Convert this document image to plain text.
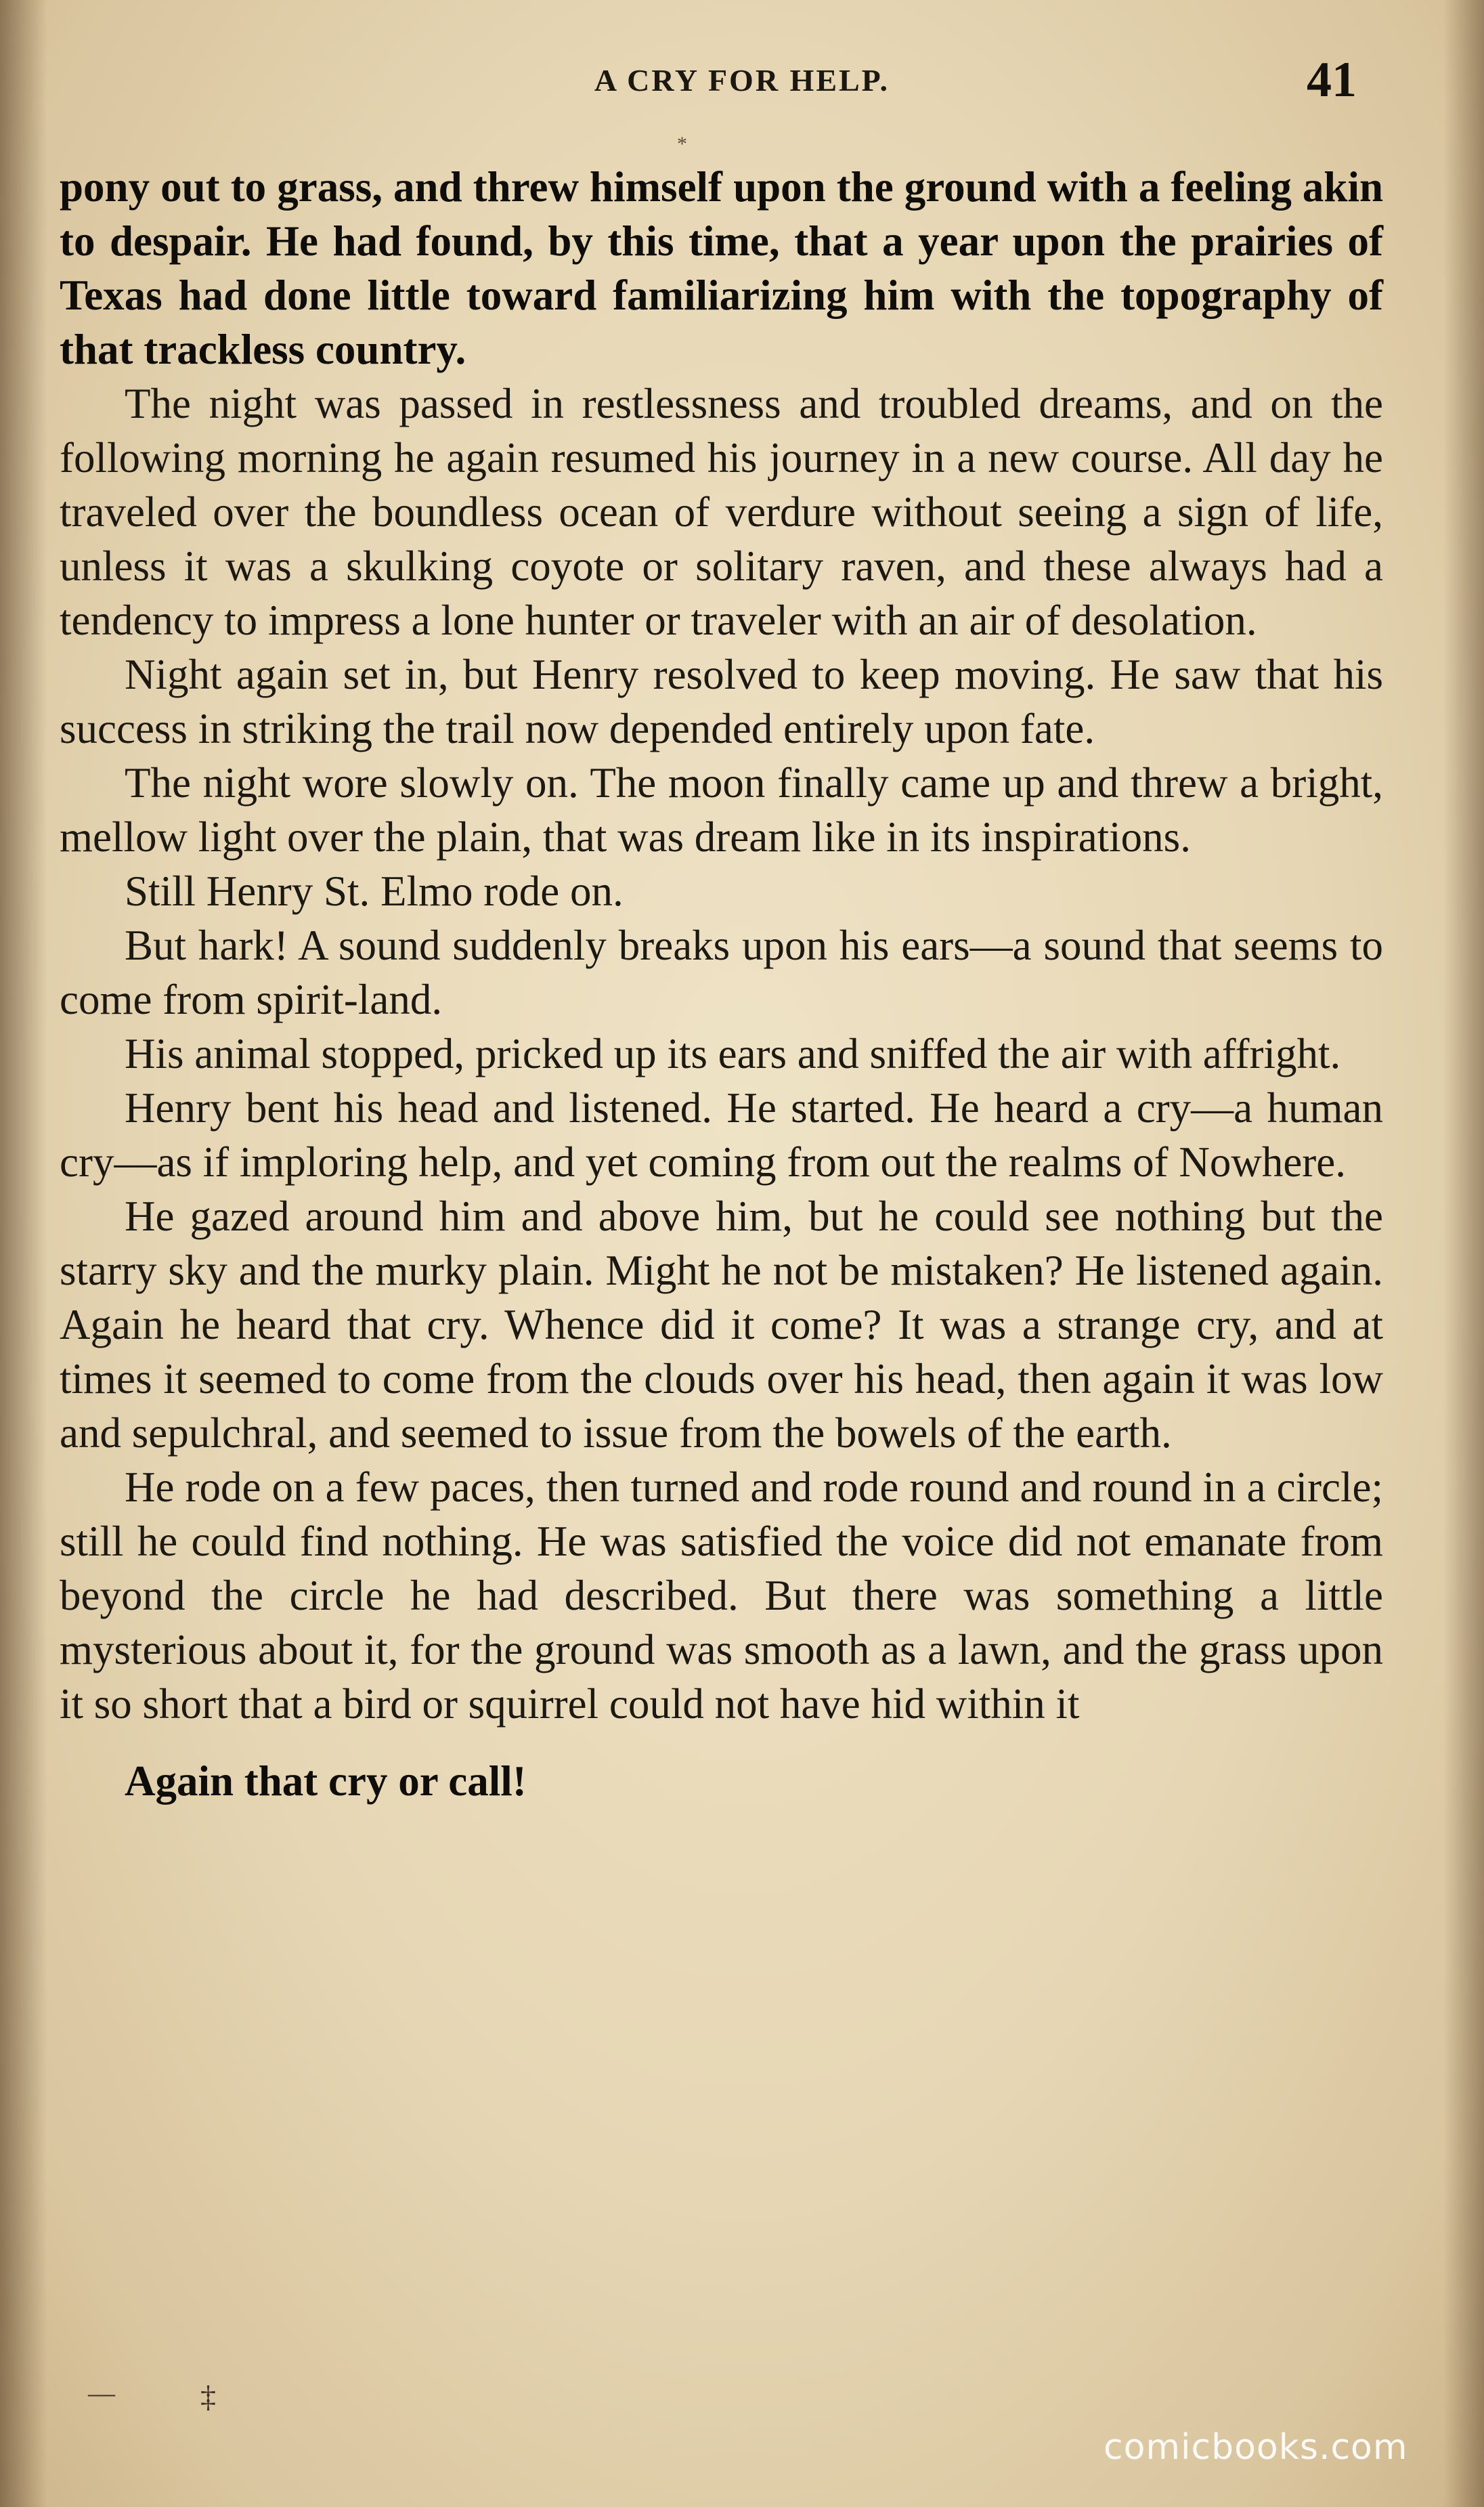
A CRY FOR HELP.	41
*

pony out to grass, and threw himself upon the ground with a feeling akin to despair. He had found, by this time, that a year upon the prairies of Texas had done little toward familiarizing him with the topography of that trackless country.

The night was passed in restlessness and troubled dreams, and on the following morning he again resumed his journey in a new course. All day he traveled over the boundless ocean of verdure without seeing a sign of life, unless it was a skulking coyote or solitary raven, and these always had a tendency to impress a lone hunter or traveler with an air of desolation.

Night again set in, but Henry resolved to keep moving. He saw that his success in striking the trail now depended entirely upon fate.

The night wore slowly on. The moon finally came up and threw a bright, mellow light over the plain, that was dream like in its inspirations.

Still Henry St. Elmo rode on.

But hark! A sound suddenly breaks upon his ears—a sound that seems to come from spirit-land.

His animal stopped, pricked up its ears and sniffed the air with affright.

Henry bent his head and listened. He started. He heard a cry—a human cry—as if imploring help, and yet coming from out the realms of Nowhere.

He gazed around him and above him, but he could see nothing but the starry sky and the murky plain. Might he not be mistaken? He listened again. Again he heard that cry. Whence did it come? It was a strange cry, and at times it seemed to come from the clouds over his head, then again it was low and sepulchral, and seemed to issue from the bowels of the earth.

He rode on a few paces, then turned and rode round and round in a circle; still he could find nothing. He was satisfied the voice did not emanate from beyond the circle he had described. But there was something a little mysterious about it, for the ground was smooth as a lawn, and the grass upon it so short that a bird or squirrel could not have hid within it

Again that cry or call!

—	‡
comicbooks.com
